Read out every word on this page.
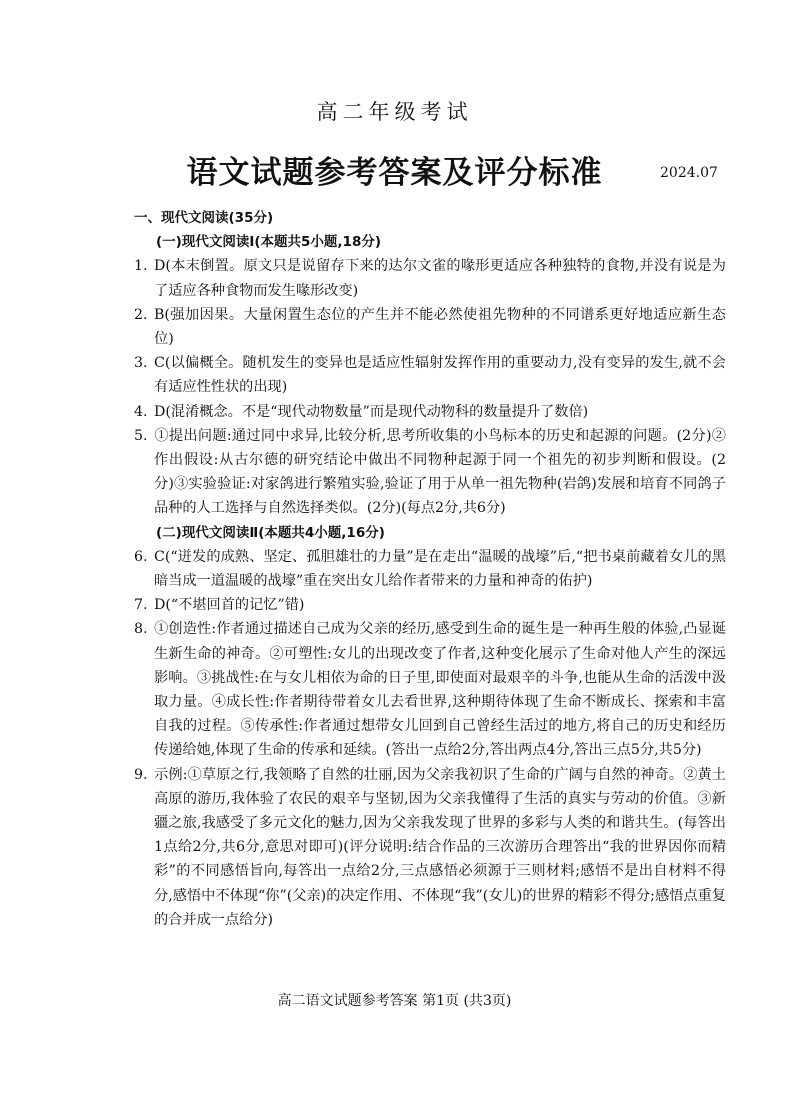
高二年级考试
语文试题参考答案及评分标准	2024.07
一、现代文阅读(35分)
(一)现代文阅读Ⅰ(本题共5小题,18分)
1. D(本末倒置。原文只是说留存下来的达尔文雀的喙形更适应各种独特的食物,并没有说是为了适应各种食物而发生喙形改变)
2. B(强加因果。大量闲置生态位的产生并不能必然使祖先物种的不同谱系更好地适应新生态位)
3. C(以偏概全。随机发生的变异也是适应性辐射发挥作用的重要动力,没有变异的发生,就不会有适应性性状的出现)
4. D(混淆概念。不是“现代动物数量”而是现代动物科的数量提升了数倍)
5. ①提出问题:通过同中求异,比较分析,思考所收集的小鸟标本的历史和起源的问题。(2分)②作出假设:从古尔德的研究结论中做出不同物种起源于同一个祖先的初步判断和假设。(2分)③实验验证:对家鸽进行繁殖实验,验证了用于从单一祖先物种(岩鸽)发展和培育不同鸽子品种的人工选择与自然选择类似。(2分)(每点2分,共6分)
(二)现代文阅读Ⅱ(本题共4小题,16分)
6. C(“迸发的成熟、坚定、孤胆雄壮的力量”是在走出“温暖的战壕”后,“把书桌前藏着女儿的黑暗当成一道温暖的战壕”重在突出女儿给作者带来的力量和神奇的佑护)
7. D(“不堪回首的记忆”错)
8. ①创造性:作者通过描述自己成为父亲的经历,感受到生命的诞生是一种再生般的体验,凸显诞生新生命的神奇。②可塑性:女儿的出现改变了作者,这种变化展示了生命对他人产生的深远影响。③挑战性:在与女儿相依为命的日子里,即使面对最艰辛的斗争,也能从生命的活泼中汲取力量。④成长性:作者期待带着女儿去看世界,这种期待体现了生命不断成长、探索和丰富自我的过程。⑤传承性:作者通过想带女儿回到自己曾经生活过的地方,将自己的历史和经历传递给她,体现了生命的传承和延续。(答出一点给2分,答出两点4分,答出三点5分,共5分)
9. 示例:①草原之行,我领略了自然的壮丽,因为父亲我初识了生命的广阔与自然的神奇。②黄土高原的游历,我体验了农民的艰辛与坚韧,因为父亲我懂得了生活的真实与劳动的价值。③新疆之旅,我感受了多元文化的魅力,因为父亲我发现了世界的多彩与人类的和谐共生。(每答出1点给2分,共6分,意思对即可)(评分说明:结合作品的三次游历合理答出“我的世界因你而精彩”的不同感悟旨向,每答出一点给2分,三点感悟必须源于三则材料;感悟不是出自材料不得分,感悟中不体现“你”(父亲)的决定作用、不体现“我”(女儿)的世界的精彩不得分;感悟点重复的合并成一点给分)
高二语文试题参考答案 第1页 (共3页)
